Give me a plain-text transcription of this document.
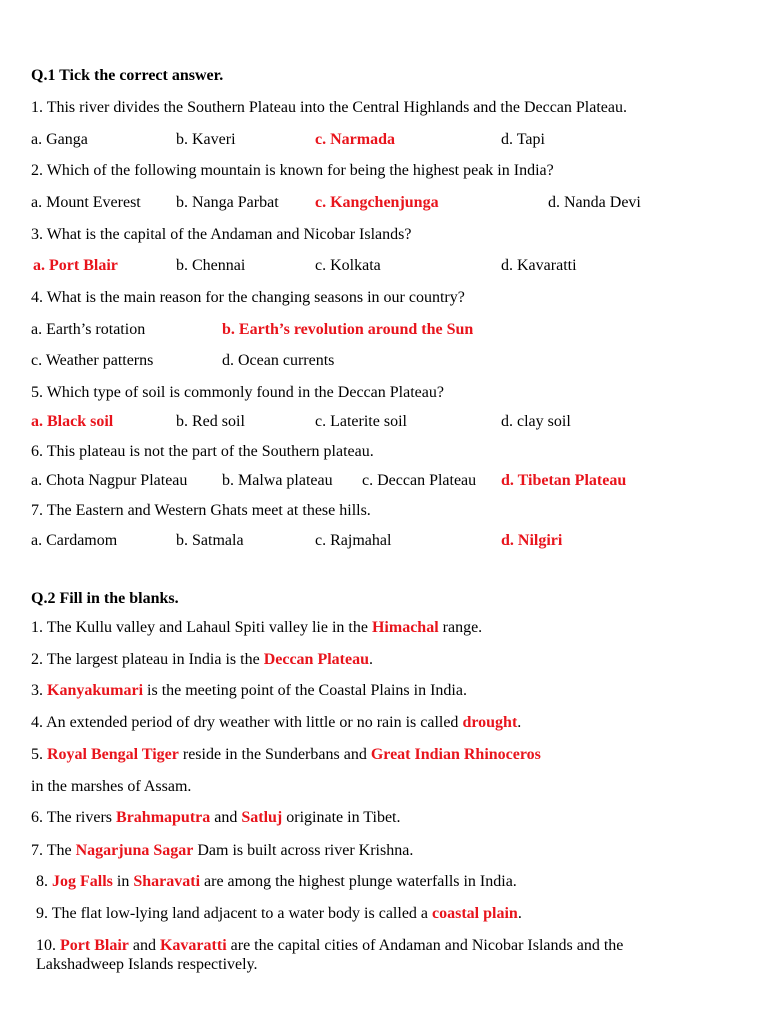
Q.1 Tick the correct answer.
1. This river divides the Southern Plateau into the Central Highlands and the Deccan Plateau.
a. Ganga	b. Kaveri	c. Narmada	d. Tapi
2. Which of the following mountain is known for being the highest peak in India?
a. Mount Everest b. Nanga Parbat c. Kangchenjunga	d. Nanda Devi
3. What is the capital of the Andaman and Nicobar Islands?
a. Port Blair	b. Chennai	c. Kolkata	d. Kavaratti
4. What is the main reason for the changing seasons in our country?
a. Earth’s rotation	b. Earth’s revolution around the Sun
c. Weather patterns	d. Ocean currents
5. Which type of soil is commonly found in the Deccan Plateau?
a. Black soil	b. Red soil	c. Laterite soil	d. clay soil
6. This plateau is not the part of the Southern plateau.
a. Chota Nagpur Plateau b. Malwa plateau c. Deccan Plateau d. Tibetan Plateau
7. The Eastern and Western Ghats meet at these hills.
a. Cardamom	b. Satmala	c. Rajmahal	d. Nilgiri
Q.2 Fill in the blanks.
1. The Kullu valley and Lahaul Spiti valley lie in the Himachal range.
2. The largest plateau in India is the Deccan Plateau.
3. Kanyakumari is the meeting point of the Coastal Plains in India.
4. An extended period of dry weather with little or no rain is called drought.
5. Royal Bengal Tiger reside in the Sunderbans and Great Indian Rhinoceros
in the marshes of Assam.
6. The rivers Brahmaputra and Satluj originate in Tibet.
7. The Nagarjuna Sagar Dam is built across river Krishna.
8. Jog Falls in Sharavati are among the highest plunge waterfalls in India.
9. The flat low-lying land adjacent to a water body is called a coastal plain.
10. Port Blair and Kavaratti are the capital cities of Andaman and Nicobar Islands and the
Lakshadweep Islands respectively.
